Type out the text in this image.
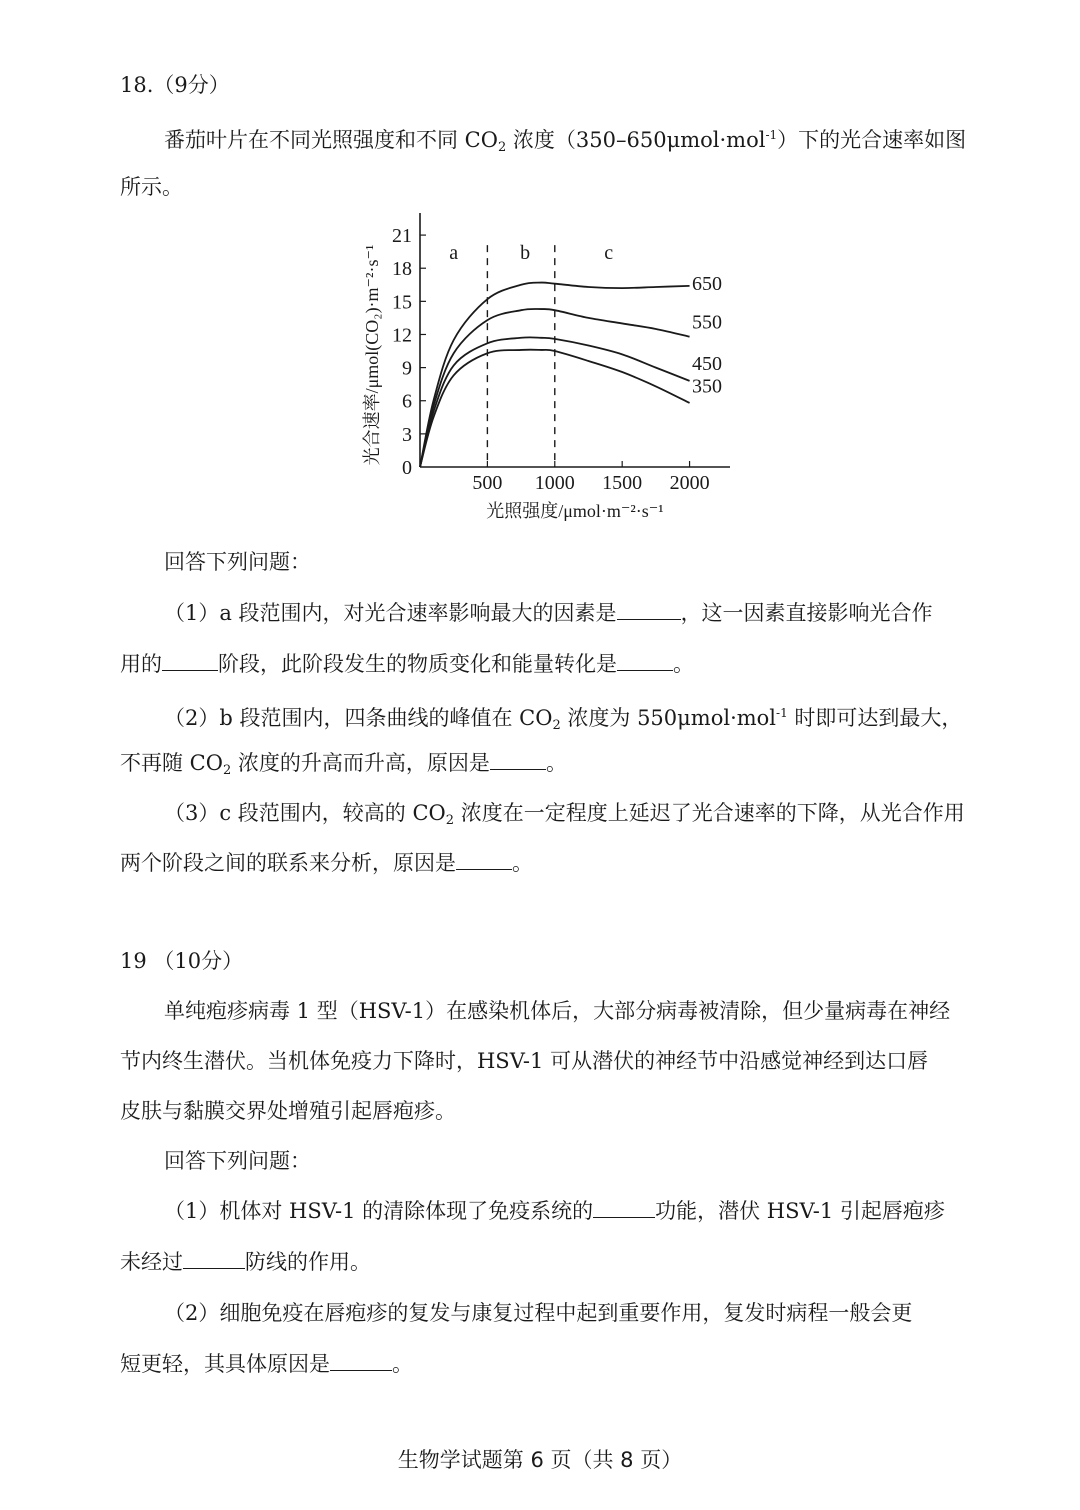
18.（9分）
番茄叶片在不同光照强度和不同 $CO_2$ 浓度（350–650μmol·mol$^{-1}$）下的光合速率如图
所示。
0
3
6
9
12
15
18
21
500 1000 1500 2000
a	b	c
650
550
450
350
光合速率/μmol(CO₂)·m⁻²·s⁻¹
光照强度/μmol·m⁻²·s⁻¹
回答下列问题：
（1）a 段范围内，对光合速率影响最大的因素是	，这一因素直接影响光合作
用的	阶段，此阶段发生的物质变化和能量转化是	。
（2）b 段范围内，四条曲线的峰值在 $CO_2$ 浓度为 550μmol·mol$^{-1}$ 时即可达到最大，
不再随 $CO_2$ 浓度的升高而升高，原因是	。
（3）c 段范围内，较高的 $CO_2$ 浓度在一定程度上延迟了光合速率的下降，从光合作用
两个阶段之间的联系来分析，原因是	。
19 （10分）
单纯疱疹病毒 1 型（HSV-1）在感染机体后，大部分病毒被清除，但少量病毒在神经
节内终生潜伏。当机体免疫力下降时，HSV-1 可从潜伏的神经节中沿感觉神经到达口唇
皮肤与黏膜交界处增殖引起唇疱疹。
回答下列问题：
（1）机体对 HSV-1 的清除体现了免疫系统的	功能，潜伏 HSV-1 引起唇疱疹
未经过	防线的作用。
（2）细胞免疫在唇疱疹的复发与康复过程中起到重要作用，复发时病程一般会更
短更轻，其具体原因是	。
生物学试题第 6 页（共 8 页）
